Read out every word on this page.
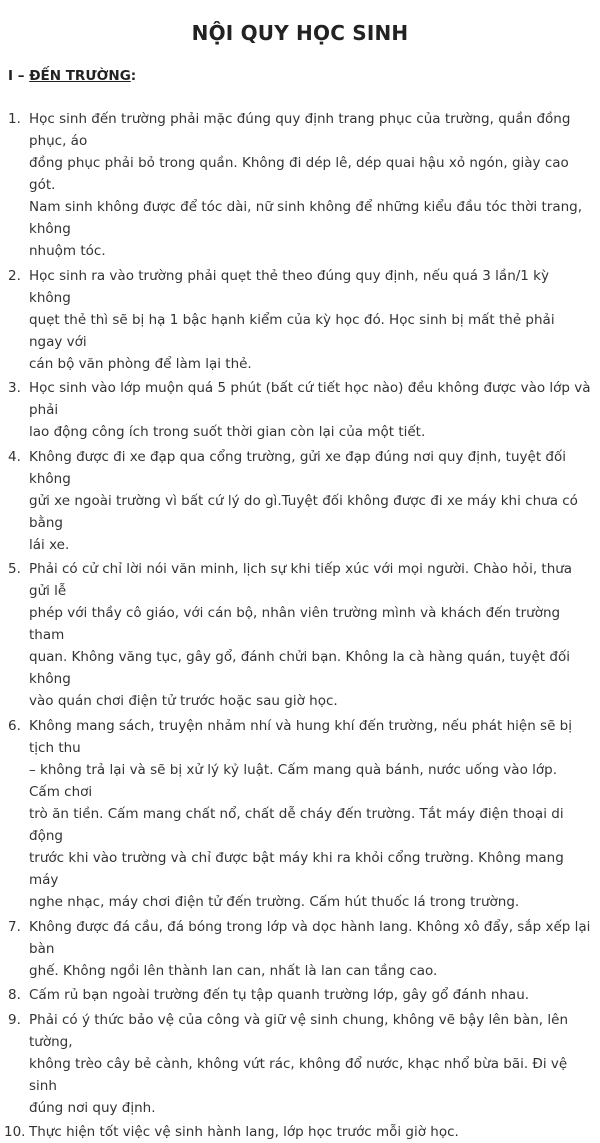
NỘI QUY HỌC SINH
I – ĐẾN TRƯỜNG:
1. Học sinh đến trường phải mặc đúng quy định trang phục của trường, quần đồng phục, áo
đồng phục phải bỏ trong quần. Không đi dép lê, dép quai hậu xỏ ngón, giày cao gót.
Nam sinh không được để tóc dài, nữ sinh không để những kiểu đầu tóc thời trang, không
nhuộm tóc.
2. Học sinh ra vào trường phải quẹt thẻ theo đúng quy định, nếu quá 3 lần/1 kỳ không
quẹt thẻ thì sẽ bị hạ 1 bậc hạnh kiểm của kỳ học đó. Học sinh bị mất thẻ phải ngay với
cán bộ văn phòng để làm lại thẻ.
3. Học sinh vào lớp muộn quá 5 phút (bất cứ tiết học nào) đều không được vào lớp và phải
lao động công ích trong suốt thời gian còn lại của một tiết.
4. Không được đi xe đạp qua cổng trường, gửi xe đạp đúng nơi quy định, tuyệt đối không
gửi xe ngoài trường vì bất cứ lý do gì.Tuyệt đối không được đi xe máy khi chưa có bằng
lái xe.
5. Phải có cử chỉ lời nói văn minh, lịch sự khi tiếp xúc với mọi người. Chào hỏi, thưa gửi lễ
phép với thầy cô giáo, với cán bộ, nhân viên trường mình và khách đến trường tham
quan. Không văng tục, gây gổ, đánh chửi bạn. Không la cà hàng quán, tuyệt đối không
vào quán chơi điện tử trước hoặc sau giờ học.
6. Không mang sách, truyện nhảm nhí và hung khí đến trường, nếu phát hiện sẽ bị tịch thu
– không trả lại và sẽ bị xử lý kỷ luật. Cấm mang quà bánh, nước uống vào lớp. Cấm chơi
trò ăn tiền. Cấm mang chất nổ, chất dễ cháy đến trường. Tắt máy điện thoại di động
trước khi vào trường và chỉ được bật máy khi ra khỏi cổng trường. Không mang máy
nghe nhạc, máy chơi điện tử đến trường. Cấm hút thuốc lá trong trường.
7. Không được đá cầu, đá bóng trong lớp và dọc hành lang. Không xô đẩy, sắp xếp lại bàn
ghế. Không ngồi lên thành lan can, nhất là lan can tầng cao.
8. Cấm rủ bạn ngoài trường đến tụ tập quanh trường lớp, gây gổ đánh nhau.
9. Phải có ý thức bảo vệ của công và giữ vệ sinh chung, không vẽ bậy lên bàn, lên tường,
không trèo cây bẻ cành, không vứt rác, không đổ nước, khạc nhổ bừa bãi. Đi vệ sinh
đúng nơi quy định.
10. Thực hiện tốt việc vệ sinh hành lang, lớp học trước mỗi giờ học.
